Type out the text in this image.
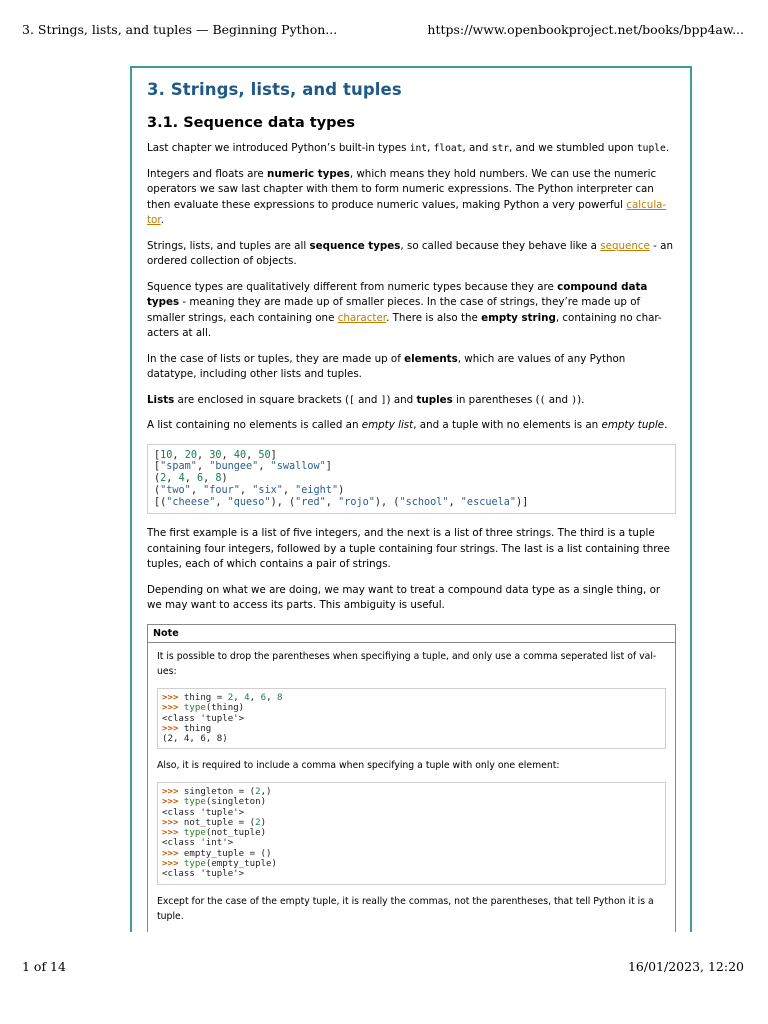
3. Strings, lists, and tuples — Beginning Python...	https://www.openbookproject.net/books/bpp4aw...
3. Strings, lists, and tuples
3.1. Sequence data types

Last chapter we introduced Python’s built-in types int, float, and str, and we stumbled upon tuple.

Integers and floats are numeric types, which means they hold numbers. We can use the numeric operators we saw last chapter with them to form numeric expressions. The Python interpreter can then evaluate these expressions to produce numeric values, making Python a very powerful calcula-tor.

Strings, lists, and tuples are all sequence types, so called because they behave like a sequence - an ordered collection of objects.

Squence types are qualitatively different from numeric types because they are compound data types - meaning they are made up of smaller pieces. In the case of strings, they’re made up of smaller strings, each containing one character. There is also the empty string, containing no char-acters at all.

In the case of lists or tuples, they are made up of elements, which are values of any Python datatype, including other lists and tuples.

Lists are enclosed in square brackets ([ and ]) and tuples in parentheses (( and )).

A list containing no elements is called an empty list, and a tuple with no elements is an empty tuple.

[10, 20, 30, 40, 50]
["spam", "bungee", "swallow"]
(2, 4, 6, 8)
("two", "four", "six", "eight")
[("cheese", "queso"), ("red", "rojo"), ("school", "escuela")]

The first example is a list of five integers, and the next is a list of three strings. The third is a tuple containing four integers, followed by a tuple containing four strings. The last is a list containing three tuples, each of which contains a pair of strings.

Depending on what we are doing, we may want to treat a compound data type as a single thing, or we may want to access its parts. This ambiguity is useful.

Note

It is possible to drop the parentheses when specifiying a tuple, and only use a comma seperated list of val-ues:

>>> thing = 2, 4, 6, 8
>>> type(thing)
<class 'tuple'>
>>> thing
(2, 4, 6, 8)

Also, it is required to include a comma when specifying a tuple with only one element:

>>> singleton = (2,)
>>> type(singleton)
<class 'tuple'>
>>> not_tuple = (2)
>>> type(not_tuple)
<class 'int'>
>>> empty_tuple = ()
>>> type(empty_tuple)
<class 'tuple'>

Except for the case of the empty tuple, it is really the commas, not the parentheses, that tell Python it is a tuple.

1 of 14	16/01/2023, 12:20
